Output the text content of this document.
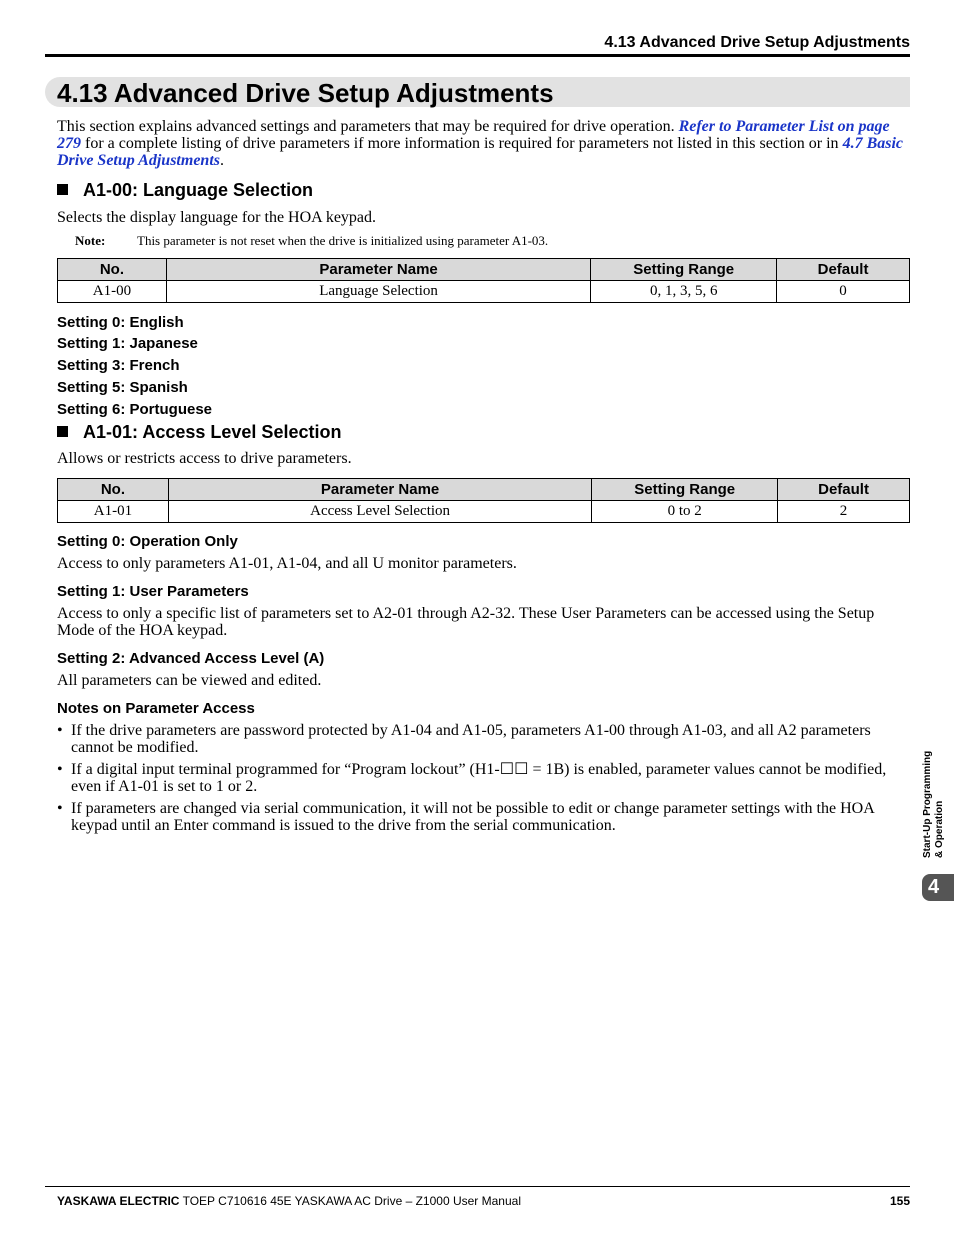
4.13 Advanced Drive Setup Adjustments
4.13 Advanced Drive Setup Adjustments
This section explains advanced settings and parameters that may be required for drive operation. Refer to Parameter List on page 279 for a complete listing of drive parameters if more information is required for parameters not listed in this section or in 4.7 Basic Drive Setup Adjustments.
A1-00: Language Selection
Selects the display language for the HOA keypad.
Note: This parameter is not reset when the drive is initialized using parameter A1-03.
No.	Parameter Name	Setting Range	Default
A1-00	Language Selection	0, 1, 3, 5, 6	0
Setting 0: English
Setting 1: Japanese
Setting 3: French
Setting 5: Spanish
Setting 6: Portuguese
A1-01: Access Level Selection
Allows or restricts access to drive parameters.
No.	Parameter Name	Setting Range	Default
A1-01	Access Level Selection	0 to 2	2
Setting 0: Operation Only
Access to only parameters A1-01, A1-04, and all U monitor parameters.
Setting 1: User Parameters
Access to only a specific list of parameters set to A2-01 through A2-32. These User Parameters can be accessed using the Setup Mode of the HOA keypad.
Setting 2: Advanced Access Level (A)
All parameters can be viewed and edited.
Notes on Parameter Access
• If the drive parameters are password protected by A1-04 and A1-05, parameters A1-00 through A1-03, and all A2 parameters cannot be modified.
• If a digital input terminal programmed for “Program lockout” (H1-☐☐ = 1B) is enabled, parameter values cannot be modified, even if A1-01 is set to 1 or 2.
• If parameters are changed via serial communication, it will not be possible to edit or change parameter settings with the HOA keypad until an Enter command is issued to the drive from the serial communication.	Start-Up Programming & Operation
4
YASKAWA ELECTRIC TOEP C710616 45E YASKAWA AC Drive – Z1000 User Manual	155
